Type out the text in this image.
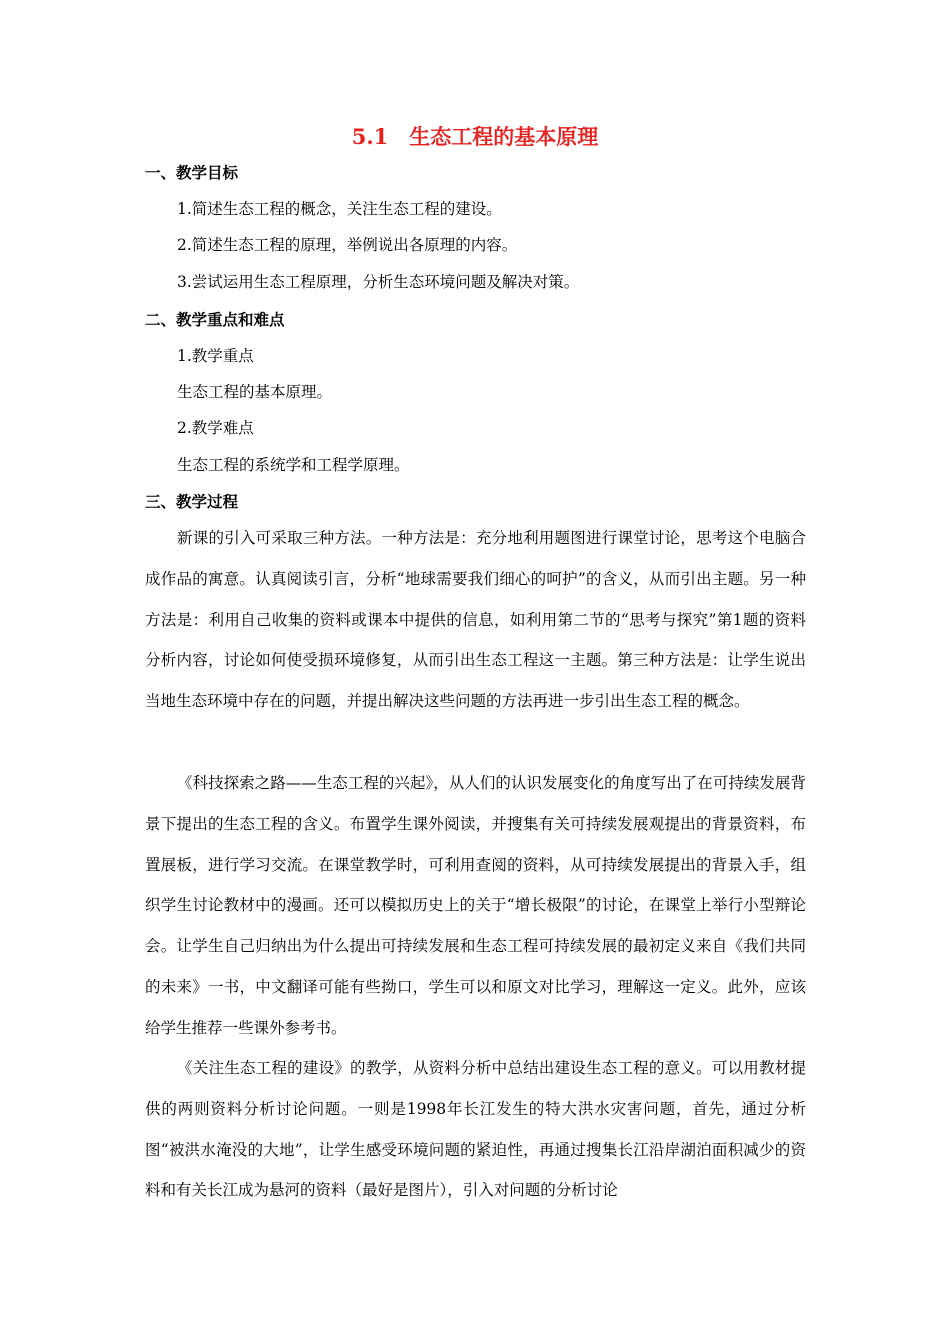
5.1　生态工程的基本原理
一、教学目标
1.简述生态工程的概念，关注生态工程的建设。
2.简述生态工程的原理，举例说出各原理的内容。
3.尝试运用生态工程原理，分析生态环境问题及解决对策。
二、教学重点和难点
1.教学重点
生态工程的基本原理。
2.教学难点
生态工程的系统学和工程学原理。
三、教学过程

新课的引入可采取三种方法。一种方法是：充分地利用题图进行课堂讨论，思考这个电脑合成作品的寓意。认真阅读引言，分析“地球需要我们细心的呵护”的含义，从而引出主题。另一种方法是：利用自己收集的资料或课本中提供的信息，如利用第二节的“思考与探究”第1题的资料分析内容，讨论如何使受损环境修复，从而引出生态工程这一主题。第三种方法是：让学生说出当地生态环境中存在的问题，并提出解决这些问题的方法再进一步引出生态工程的概念。

《科技探索之路——生态工程的兴起》，从人们的认识发展变化的角度写出了在可持续发展背景下提出的生态工程的含义。布置学生课外阅读，并搜集有关可持续发展观提出的背景资料，布置展板，进行学习交流。在课堂教学时，可利用查阅的资料，从可持续发展提出的背景入手，组织学生讨论教材中的漫画。还可以模拟历史上的关于“增长极限”的讨论，在课堂上举行小型辩论会。让学生自己归纳出为什么提出可持续发展和生态工程可持续发展的最初定义来自《我们共同的未来》一书，中文翻译可能有些拗口，学生可以和原文对比学习，理解这一定义。此外，应该给学生推荐一些课外参考书。

《关注生态工程的建设》的教学，从资料分析中总结出建设生态工程的意义。可以用教材提供的两则资料分析讨论问题。一则是1998年长江发生的特大洪水灾害问题，首先，通过分析图“被洪水淹没的大地”，让学生感受环境问题的紧迫性，再通过搜集长江沿岸湖泊面积减少的资料和有关长江成为悬河的资料（最好是图片），引入对问题的分析讨论
